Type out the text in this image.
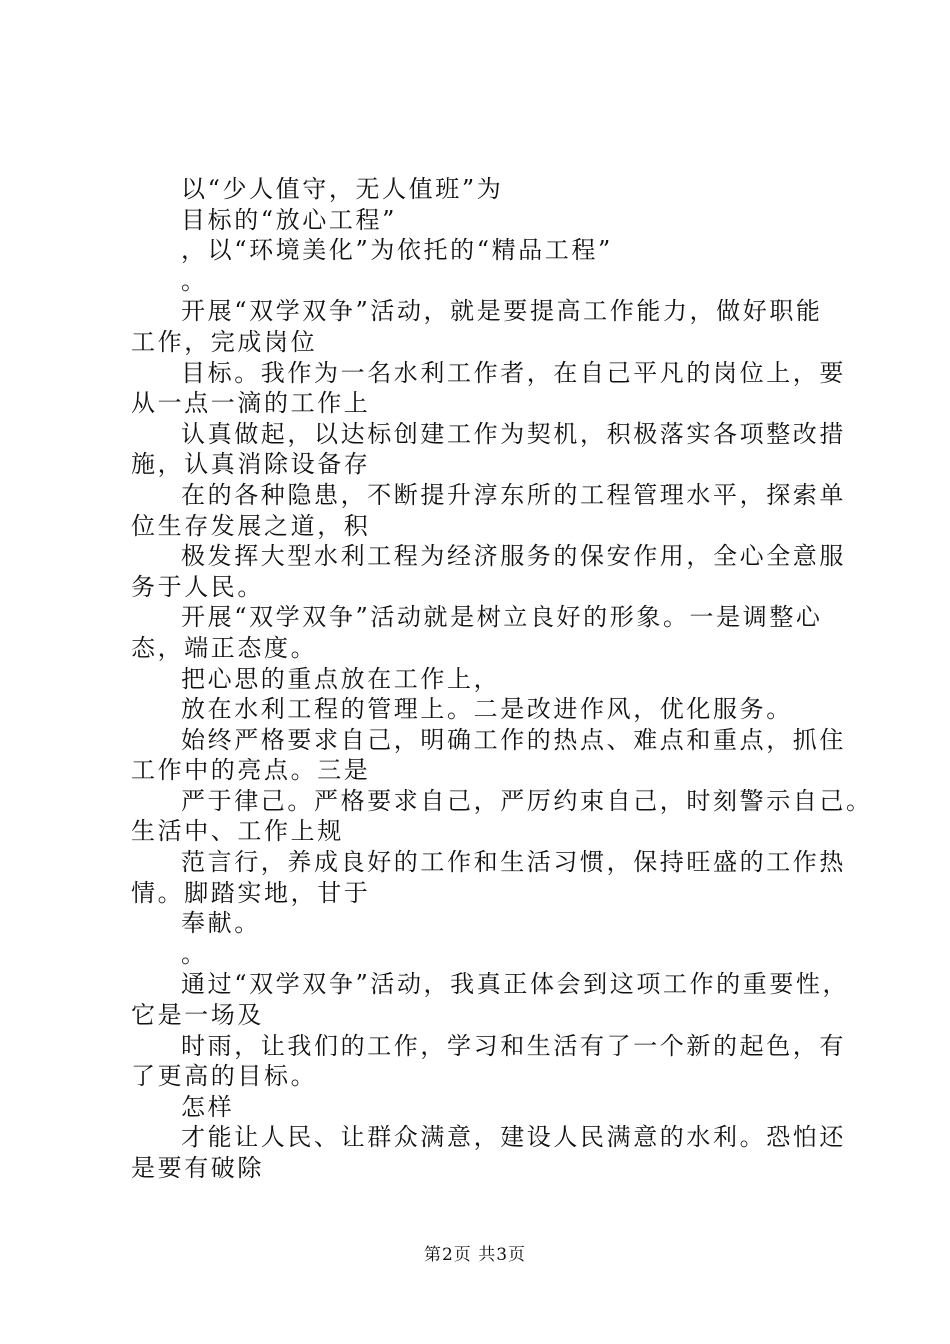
以“少人值守，无人值班”为

目标的“放心工程”

，以“环境美化”为依托的“精品工程”

。

开展“双学双争”活动，就是要提高工作能力，做好职能

工作，完成岗位

目标。我作为一名水利工作者，在自己平凡的岗位上，要

从一点一滴的工作上

认真做起，以达标创建工作为契机，积极落实各项整改措

施，认真消除设备存

在的各种隐患，不断提升淳东所的工程管理水平，探索单

位生存发展之道，积

极发挥大型水利工程为经济服务的保安作用，全心全意服

务于人民。

开展“双学双争”活动就是树立良好的形象。一是调整心

态，端正态度。

把心思的重点放在工作上，

放在水利工程的管理上。二是改进作风，优化服务。

始终严格要求自己，明确工作的热点、难点和重点，抓住

工作中的亮点。三是

严于律己。严格要求自己，严厉约束自己，时刻警示自己。

生活中、工作上规

范言行，养成良好的工作和生活习惯，保持旺盛的工作热

情。脚踏实地，甘于

奉献。

。

通过“双学双争”活动，我真正体会到这项工作的重要性，

它是一场及

时雨，让我们的工作，学习和生活有了一个新的起色，有

了更高的目标。

怎样

才能让人民、让群众满意，建设人民满意的水利。恐怕还

是要有破除

第2页 共3页
